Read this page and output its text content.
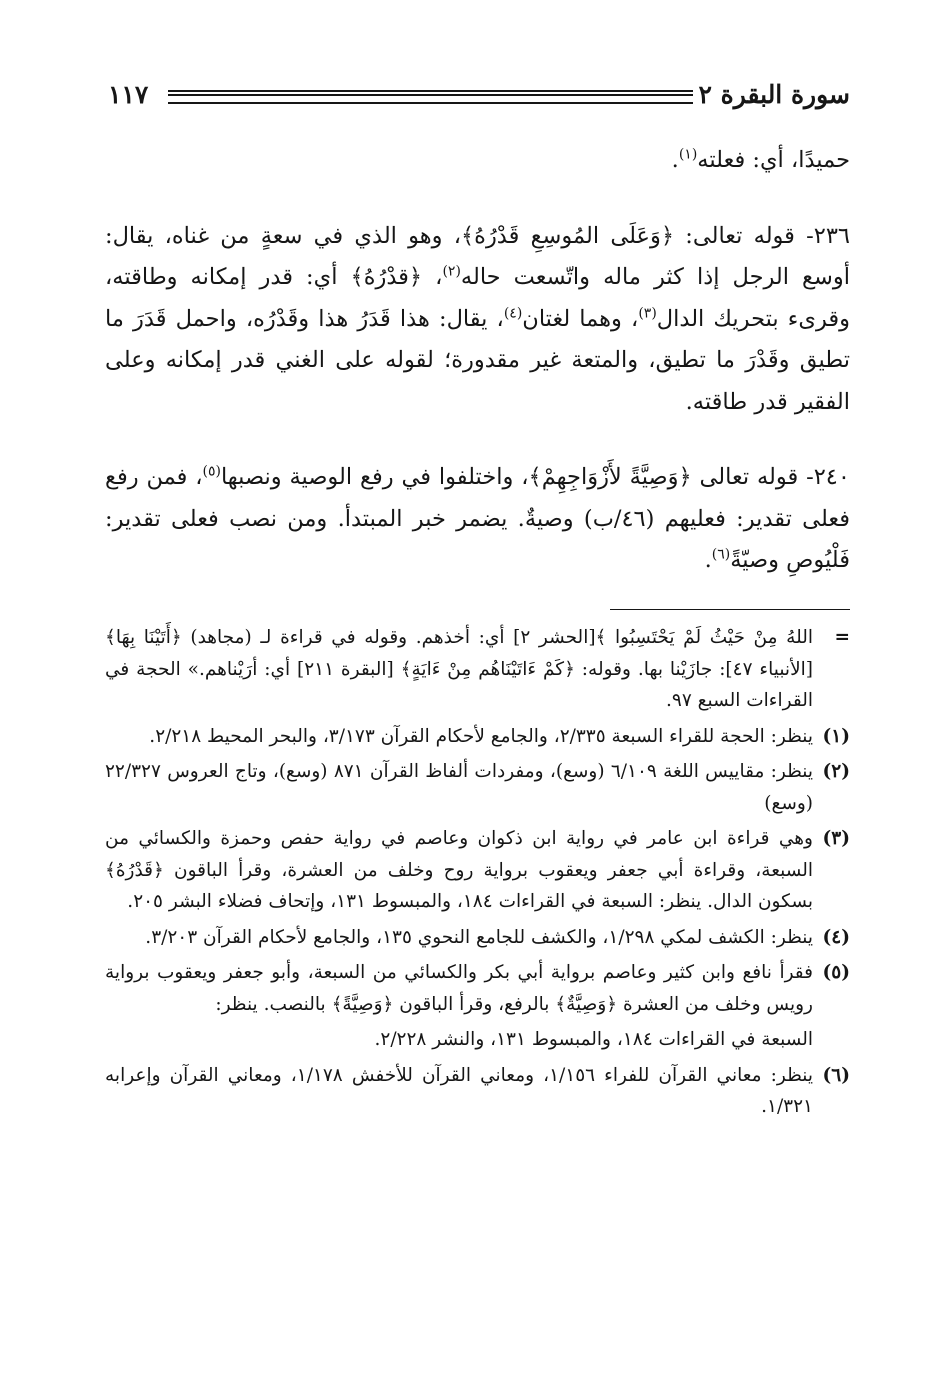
سورة البقرة ٢
١١٧

حميدًا، أي: فعلته$^{(١)}$.

٢٣٦- قوله تعالى: ﴿وَعَلَى المُوسِعِ قَدْرُهُ﴾، وهو الذي في سعةٍ من غناه، يقال: أوسع الرجل إذا كثر ماله واتّسعت حاله$^{(٢)}$، ﴿قدْرُهُ﴾ أي: قدر إمكانه وطاقته، وقرىء بتحريك الدال$^{(٣)}$، وهما لغتان$^{(٤)}$، يقال: هذا قَدَرُ هذا وقَدْرُه، واحمل قَدَرَ ما تطيق وقَدْرَ ما تطيق، والمتعة غير مقدورة؛ لقوله على الغني قدر إمكانه وعلى الفقير قدر طاقته.

٢٤٠- قوله تعالى ﴿وَصِيَّةً لأَزْوَاجِهِمْ﴾، واختلفوا في رفع الوصية ونصبها$^{(٥)}$، فمن رفع فعلى تقدير: فعليهم (٤٦/ب) وصيةٌ. يضمر خبر المبتدأ. ومن نصب فعلى تقدير: فَلْيُوصِ وصيّةً$^{(٦)}$.

=
اللهُ مِنْ حَيْثُ لَمْ يَحْتَسِبُوا ﴾[الحشر ٢] أي: أخذهم. وقوله في قراءة لـ (مجاهد) ﴿أَتَيْنَا بِهَا﴾ [الأنبياء ٤٧]: جازَيْنا بها. وقوله: ﴿كَمْ ءَاتَيْنَاهُم مِنْ ءَايَةٍ﴾ [البقرة ٢١١] أي: أرَيْناهم.» الحجة في القراءات السبع ٩٧.
(١)
ينظر: الحجة للقراء السبعة ٢/٣٣٥، والجامع لأحكام القرآن ٣/١٧٣، والبحر المحيط ٢/٢١٨.
(٢)
ينظر: مقاييس اللغة ٦/١٠٩ (وسع)، ومفردات ألفاظ القرآن ٨٧١ (وسع)، وتاج العروس ٢٢/٣٢٧ (وسع)
(٣)
وهي قراءة ابن عامر في رواية ابن ذكوان وعاصم في رواية حفص وحمزة والكسائي من السبعة، وقراءة أبي جعفر ويعقوب برواية روح وخلف من العشرة، وقرأ الباقون ﴿قَدْرُهُ﴾ بسكون الدال. ينظر: السبعة في القراءات ١٨٤، والمبسوط ١٣١، وإتحاف فضلاء البشر ٢٠٥.
(٤)
ينظر: الكشف لمكي ١/٢٩٨، والكشف للجامع النحوي ١٣٥، والجامع لأحكام القرآن ٣/٢٠٣.
(٥)
فقرأ نافع وابن كثير وعاصم برواية أبي بكر والكسائي من السبعة، وأبو جعفر ويعقوب برواية رويس وخلف من العشرة ﴿وَصِيَّةٌ﴾ بالرفع، وقرأ الباقون ﴿وَصِيَّةً﴾ بالنصب. ينظر:
السبعة في القراءات ١٨٤، والمبسوط ١٣١، والنشر ٢/٢٢٨.
(٦)
ينظر: معاني القرآن للفراء ١/١٥٦، ومعاني القرآن للأخفش ١/١٧٨، ومعاني القرآن وإعرابه ١/٣٢١.
